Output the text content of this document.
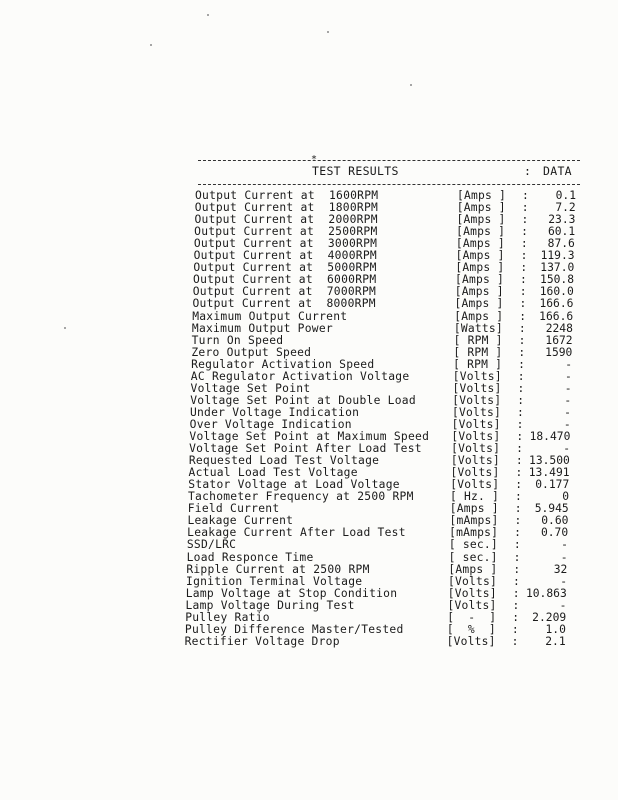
*
TEST RESULTS	: DATA
Output Current at  1600RPM	[Amps ] :	0.1
Output Current at  1800RPM	[Amps ] :	7.2
Output Current at  2000RPM	[Amps ] :	23.3
Output Current at  2500RPM	[Amps ] :	60.1
Output Current at  3000RPM	[Amps ] :	87.6
Output Current at  4000RPM	[Amps ] :	119.3
Output Current at  5000RPM	[Amps ] :	137.0
Output Current at  6000RPM	[Amps ] :	150.8
Output Current at  7000RPM	[Amps ] :	160.0
Output Current at  8000RPM	[Amps ] :	166.6
Maximum Output Current	[Amps ] :	166.6
Maximum Output Power	[Watts] :	2248
Turn On Speed	[ RPM ] :	1672
Zero Output Speed	[ RPM ] :	1590
Regulator Activation Speed	[ RPM ] :	-
AC Regulator Activation Voltage	[Volts] :	-
Voltage Set Point	[Volts] :	-
Voltage Set Point at Double Load	[Volts] :	-
Under Voltage Indication	[Volts] :	-
Over Voltage Indication	[Volts] :	-
Voltage Set Point at Maximum Speed [Volts] : 18.470
Voltage Set Point After Load Test	[Volts] :	-
Requested Load Test Voltage	[Volts] : 13.500
Actual Load Test Voltage	[Volts] : 13.491
Stator Voltage at Load Voltage	[Volts] :	0.177
Tachometer Frequency at 2500 RPM	[ Hz. ] :	0
Field Current	[Amps ] :	5.945
Leakage Current	[mAmps] :	0.60
Leakage Current After Load Test	[mAmps] :	0.70
SSD/LRC	[ sec.] :	-
Load Responce Time	[ sec.] :	-
Ripple Current at 2500 RPM	[Amps ] :	32
Ignition Terminal Voltage	[Volts] :	-
Lamp Voltage at Stop Condition	[Volts] : 10.863
Lamp Voltage During Test	[Volts] :	-
Pulley Ratio	[  -  ] :	2.209
Pulley Difference Master/Tested	[  %  ] :	1.0
Rectifier Voltage Drop	[Volts] :	2.1
